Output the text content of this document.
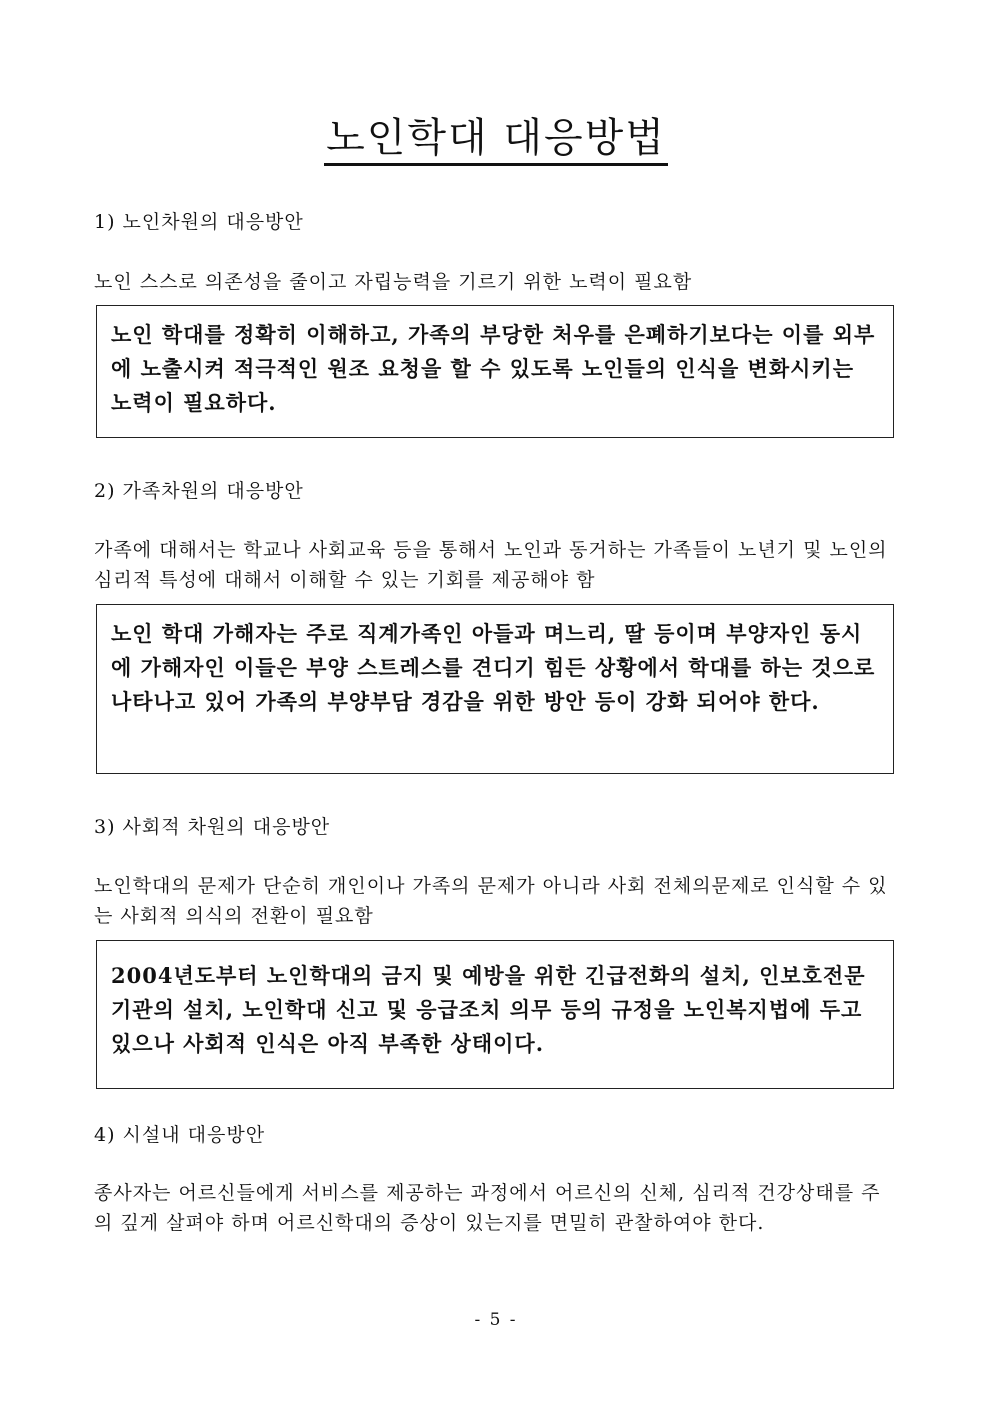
노인학대 대응방법

1) 노인차원의 대응방안

노인 스스로 의존성을 줄이고 자립능력을 기르기 위한 노력이 필요함

노인 학대를 정확히 이해하고, 가족의 부당한 처우를 은폐하기보다는 이를 외부에 노출시켜 적극적인 원조 요청을 할 수 있도록 노인들의 인식을 변화시키는 노력이 필요하다.

2) 가족차원의 대응방안

가족에 대해서는 학교나 사회교육 등을 통해서 노인과 동거하는 가족들이 노년기 및 노인의 심리적 특성에 대해서 이해할 수 있는 기회를 제공해야 함

노인 학대 가해자는 주로 직계가족인 아들과 며느리, 딸 등이며 부양자인 동시에 가해자인 이들은 부양 스트레스를 견디기 힘든 상황에서 학대를 하는 것으로 나타나고 있어 가족의 부양부담 경감을 위한 방안 등이 강화 되어야 한다.

3) 사회적 차원의 대응방안

노인학대의 문제가 단순히 개인이나 가족의 문제가 아니라 사회 전체의문제로 인식할 수 있는 사회적 의식의 전환이 필요함

2004년도부터 노인학대의 금지 및 예방을 위한 긴급전화의 설치, 인보호전문기관의 설치, 노인학대 신고 및 응급조치 의무 등의 규정을 노인복지법에 두고 있으나 사회적 인식은 아직 부족한 상태이다.

4) 시설내 대응방안

종사자는 어르신들에게 서비스를 제공하는 과정에서 어르신의 신체, 심리적 건강상태를 주의 깊게 살펴야 하며 어르신학대의 증상이 있는지를 면밀히 관찰하여야 한다.

- 5 -
